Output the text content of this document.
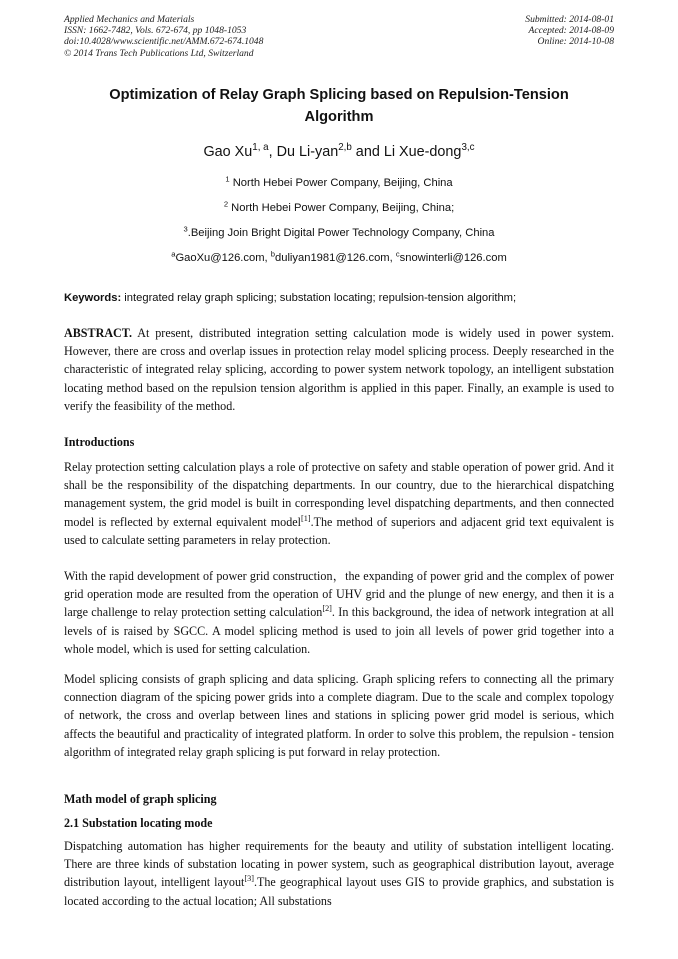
Applied Mechanics and Materials
ISSN: 1662-7482, Vols. 672-674, pp 1048-1053
doi:10.4028/www.scientific.net/AMM.672-674.1048
© 2014 Trans Tech Publications Ltd, Switzerland
Submitted: 2014-08-01
Accepted: 2014-08-09
Online: 2014-10-08
Optimization of Relay Graph Splicing based on Repulsion-Tension
Algorithm
Gao Xu$^{1, a}$, Du Li-yan$^{2,b}$ and Li Xue-dong$^{3,c}$
$^1$ North Hebei Power Company, Beijing, China
$^2$ North Hebei Power Company, Beijing, China;
$^3$.Beijing Join Bright Digital Power Technology Company, China
$^a$GaoXu@126.com, $^b$duliyan1981@126.com, $^c$snowinterli@126.com
Keywords: integrated relay graph splicing; substation locating; repulsion-tension algorithm;
ABSTRACT. At present, distributed integration setting calculation mode is widely used in power system. However, there are cross and overlap issues in protection relay model splicing process. Deeply researched in the characteristic of integrated relay splicing, according to power system network topology, an intelligent substation locating method based on the repulsion tension algorithm is applied in this paper. Finally, an example is used to verify the feasibility of the method.
Introductions
Relay protection setting calculation plays a role of protective on safety and stable operation of power grid. And it shall be the responsibility of the dispatching departments. In our country, due to the hierarchical dispatching management system, the grid model is built in corresponding level dispatching departments, and then connected model is reflected by external equivalent model[1].The method of superiors and adjacent grid text equivalent is used to calculate setting parameters in relay protection.
With the rapid development of power grid construction，the expanding of power grid and the complex of power grid operation mode are resulted from the operation of UHV grid and the plunge of new energy, and then it is a large challenge to relay protection setting calculation[2]. In this background, the idea of network integration at all levels of is raised by SGCC. A model splicing method is used to join all levels of power grid together into a whole model, which is used for setting calculation.
Model splicing consists of graph splicing and data splicing. Graph splicing refers to connecting all the primary connection diagram of the spicing power grids into a complete diagram. Due to the scale and complex topology of network, the cross and overlap between lines and stations in splicing power grid model is serious, which affects the beautiful and practicality of integrated platform. In order to solve this problem, the repulsion - tension algorithm of integrated relay graph splicing is put forward in relay protection.
Math model of graph splicing
2.1 Substation locating mode
Dispatching automation has higher requirements for the beauty and utility of substation intelligent locating. There are three kinds of substation locating in power system, such as geographical distribution layout, average distribution layout, intelligent layout[3].The geographical layout uses GIS to provide graphics, and substation is located according to the actual location; All substations
